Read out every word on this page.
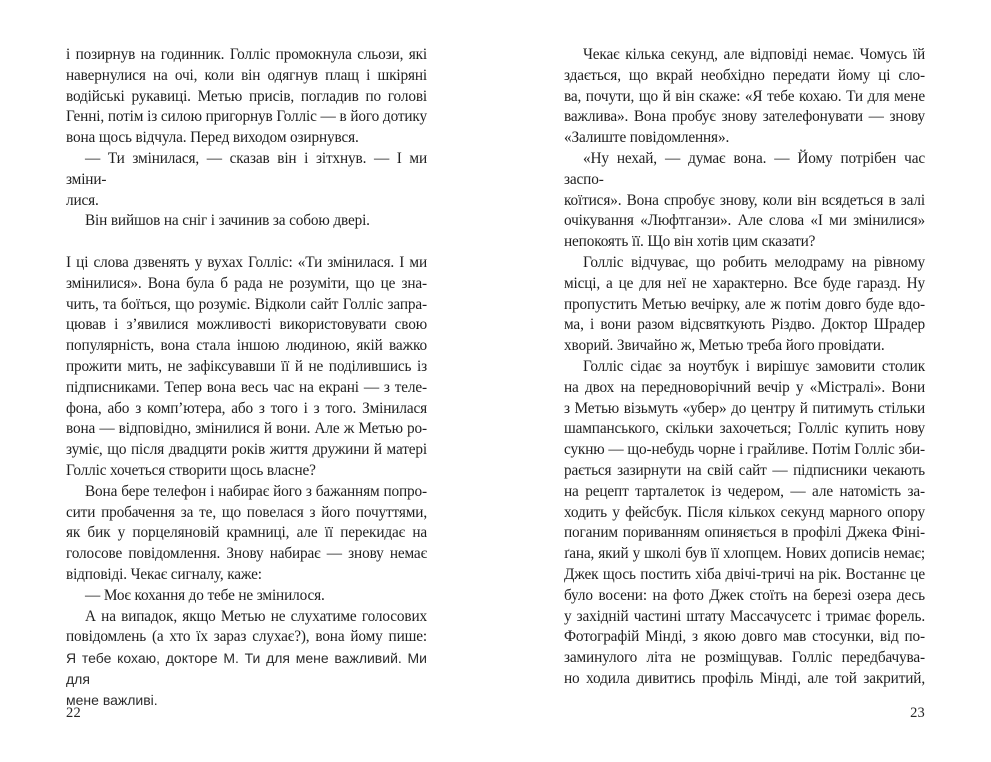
і позирнув на годинник. Голліс промокнула сльози, які
навернулися на очі, коли він одягнув плащ і шкіряні
водійські рукавиці. Метью присів, погладив по голові
Генні, потім із силою пригорнув Голліс — в його дотику
вона щось відчула. Перед виходом озирнувся.
— Ти змінилася, — сказав він і зітхнув. — І ми зміни-
лися.
Він вийшов на сніг і зачинив за собою двері.
І ці слова дзвенять у вухах Голліс: «Ти змінилася. І ми
змінилися». Вона була б рада не розуміти, що це зна-
чить, та боїться, що розуміє. Відколи сайт Голліс запра-
цював і з’явилися можливості використовувати свою
популярність, вона стала іншою людиною, якій важко
прожити мить, не зафіксувавши її й не поділившись із
підписниками. Тепер вона весь час на екрані — з теле-
фона, або з комп’ютера, або з того і з того. Змінилася
вона — відповідно, змінилися й вони. Але ж Метью ро-
зуміє, що після двадцяти років життя дружини й матері
Голліс хочеться створити щось власне?
Вона бере телефон і набирає його з бажанням попро-
сити пробачення за те, що повелася з його почуттями,
як бик у порцеляновій крамниці, але її перекидає на
голосове повідомлення. Знову набирає — знову немає
відповіді. Чекає сигналу, каже:
— Моє кохання до тебе не змінилося.
А на випадок, якщо Метью не слухатиме голосових
повідомлень (а хто їх зараз слухає?), вона йому пише:
Я тебе кохаю, докторе М. Ти для мене важливий. Ми для
мене важливі.
22
Чекає кілька секунд, але відповіді немає. Чомусь їй
здається, що вкрай необхідно передати йому ці сло-
ва, почути, що й він скаже: «Я тебе кохаю. Ти для мене
важлива». Вона пробує знову зателефонувати — знову
«Залиште повідомлення».
«Ну нехай, — думає вона. — Йому потрібен час заспо-
коїтися». Вона спробує знову, коли він всядеться в залі
очікування «Люфтганзи». Але слова «І ми змінилися»
непокоять її. Що він хотів цим сказати?
Голліс відчуває, що робить мелодраму на рівному
місці, а це для неї не характерно. Все буде гаразд. Ну
пропустить Метью вечірку, але ж потім довго буде вдо-
ма, і вони разом відсвяткують Різдво. Доктор Шрадер
хворий. Звичайно ж, Метью треба його провідати.
Голліс сідає за ноутбук і вирішує замовити столик
на двох на передноворічний вечір у «Містралі». Вони
з Метью візьмуть «убер» до центру й питимуть стільки
шампанського, скільки захочеться; Голліс купить нову
сукню — що-небудь чорне і грайливе. Потім Голліс зби-
рається зазирнути на свій сайт — підписники чекають
на рецепт тарталеток із чедером, — але натомість за-
ходить у фейсбук. Після кількох секунд марного опору
поганим пориванням опиняється в профілі Джека Фіні-
ґана, який у школі був її хлопцем. Нових дописів немає;
Джек щось постить хіба двічі-тричі на рік. Востаннє це
було восени: на фото Джек стоїть на березі озера десь
у західній частині штату Массачусетс і тримає форель.
Фотографій Мінді, з якою довго мав стосунки, від по-
заминулого літа не розміщував. Голліс передбачува-
но ходила дивитись профіль Мінді, але той закритий,
23
